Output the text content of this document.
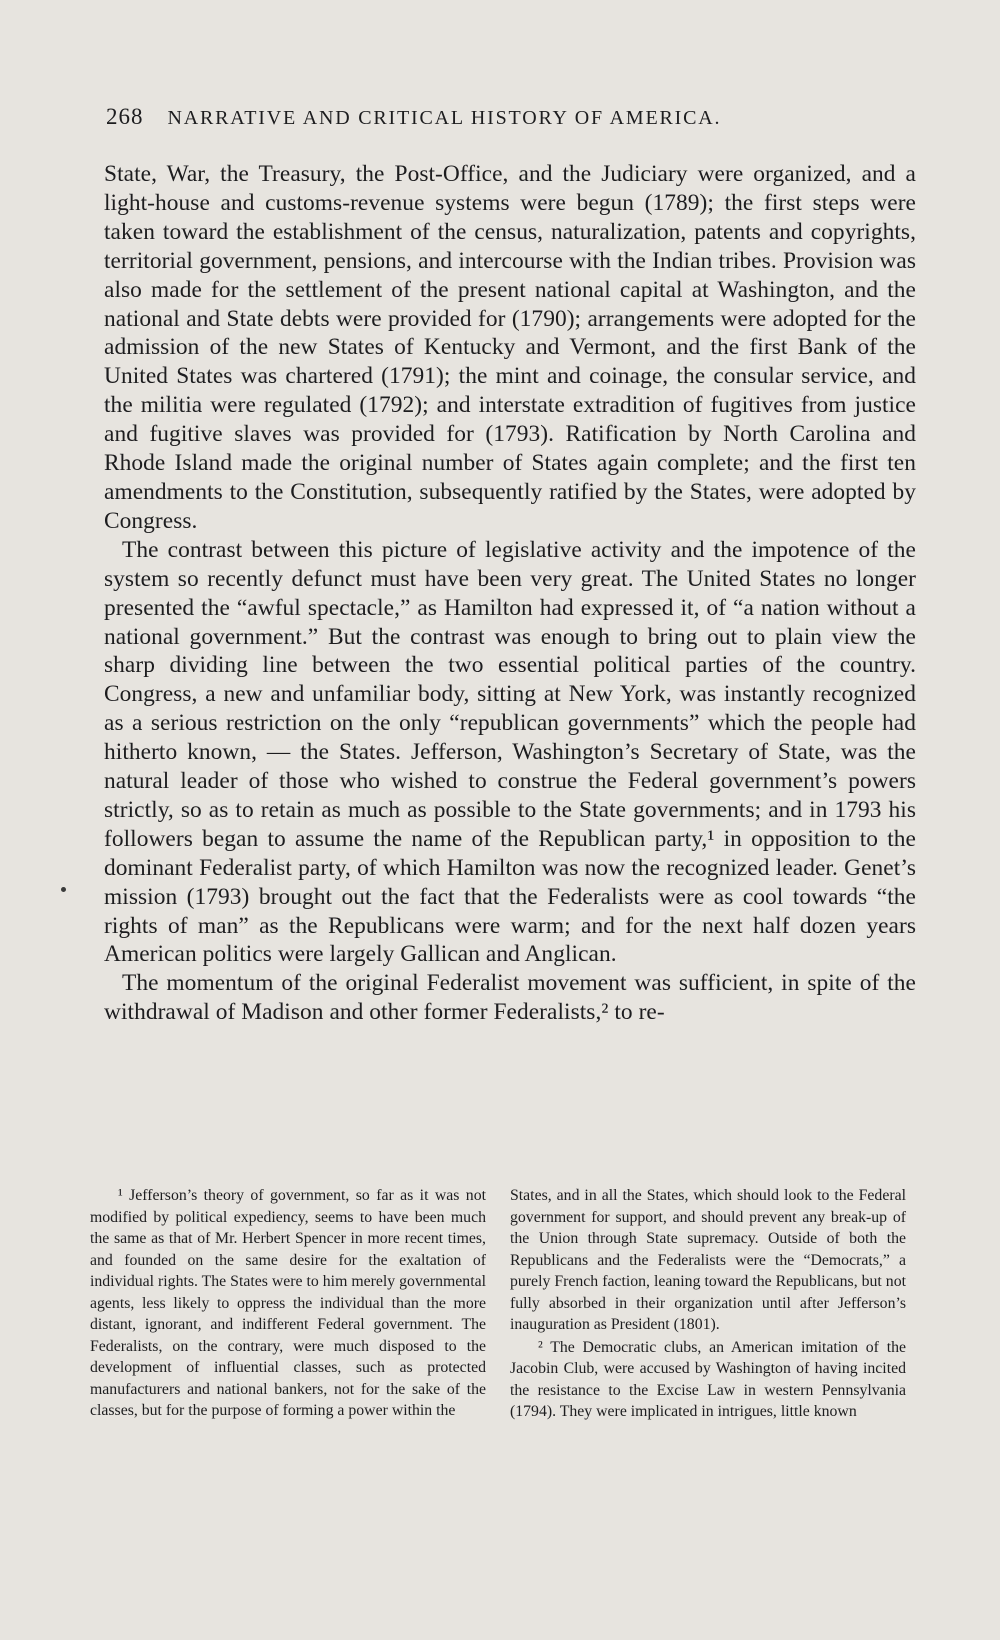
268 NARRATIVE AND CRITICAL HISTORY OF AMERICA.

State, War, the Treasury, the Post-Office, and the Judiciary were organized, and a light-house and customs-revenue systems were begun (1789); the first steps were taken toward the establishment of the census, naturalization, patents and copyrights, territorial government, pensions, and intercourse with the Indian tribes. Provision was also made for the settlement of the present national capital at Washington, and the national and State debts were provided for (1790); arrangements were adopted for the admission of the new States of Kentucky and Vermont, and the first Bank of the United States was chartered (1791); the mint and coinage, the consular service, and the militia were regulated (1792); and interstate extradition of fugitives from justice and fugitive slaves was provided for (1793). Ratification by North Carolina and Rhode Island made the original number of States again complete; and the first ten amendments to the Constitution, subsequently ratified by the States, were adopted by Congress.

The contrast between this picture of legislative activity and the impotence of the system so recently defunct must have been very great. The United States no longer presented the “awful spectacle,” as Hamilton had expressed it, of “a nation without a national government.” But the contrast was enough to bring out to plain view the sharp dividing line between the two essential political parties of the country. Congress, a new and unfamiliar body, sitting at New York, was instantly recognized as a serious restriction on the only “republican governments” which the people had hitherto known, — the States. Jefferson, Washington’s Secretary of State, was the natural leader of those who wished to construe the Federal government’s powers strictly, so as to retain as much as possible to the State governments; and in 1793 his followers began to assume the name of the Republican party,¹ in opposition to the dominant Federalist party, of which Hamilton was now the recognized leader. Genet’s mission (1793) brought out the fact that the Federalists were as cool towards “the rights of man” as the Republicans were warm; and for the next half dozen years American politics were largely Gallican and Anglican.

The momentum of the original Federalist movement was sufficient, in spite of the withdrawal of Madison and other former Federalists,² to re-

¹ Jefferson’s theory of government, so far as it was not modified by political expediency, seems to have been much the same as that of Mr. Herbert Spencer in more recent times, and founded on the same desire for the exaltation of individual rights. The States were to him merely governmental agents, less likely to oppress the individual than the more distant, ignorant, and indifferent Federal government. The Federalists, on the contrary, were much disposed to the development of influential classes, such as protected manufacturers and national bankers, not for the sake of the classes, but for the purpose of forming a power within the

States, and in all the States, which should look to the Federal government for support, and should prevent any break-up of the Union through State supremacy. Outside of both the Republicans and the Federalists were the “Democrats,” a purely French faction, leaning toward the Republicans, but not fully absorbed in their organization until after Jefferson’s inauguration as President (1801).

² The Democratic clubs, an American imitation of the Jacobin Club, were accused by Washington of having incited the resistance to the Excise Law in western Pennsylvania (1794). They were implicated in intrigues, little known
